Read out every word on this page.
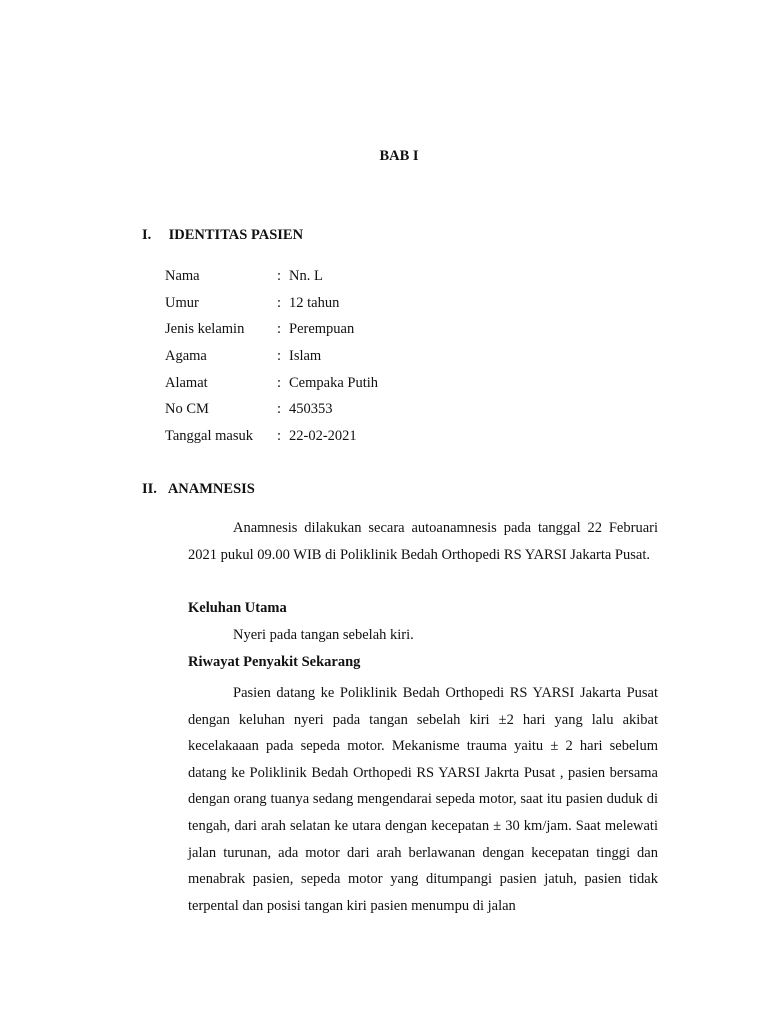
BAB I
I. IDENTITAS PASIEN
Nama	: Nn. L
Umur	: 12 tahun
Jenis kelamin	: Perempuan
Agama	: Islam
Alamat	: Cempaka Putih
No CM	: 450353
Tanggal masuk	: 22-02-2021
II. ANAMNESIS
Anamnesis dilakukan secara autoanamnesis pada tanggal 22 Februari 2021 pukul 09.00 WIB di Poliklinik Bedah Orthopedi RS YARSI Jakarta Pusat.
Keluhan Utama
Nyeri pada tangan sebelah kiri.
Riwayat Penyakit Sekarang
Pasien datang ke Poliklinik Bedah Orthopedi RS YARSI Jakarta Pusat dengan keluhan nyeri pada tangan sebelah kiri ±2 hari yang lalu akibat kecelakaaan pada sepeda motor. Mekanisme trauma yaitu ± 2 hari sebelum datang ke Poliklinik Bedah Orthopedi RS YARSI Jakrta Pusat , pasien bersama dengan orang tuanya sedang mengendarai sepeda motor, saat itu pasien duduk di tengah, dari arah selatan ke utara dengan kecepatan ± 30 km/jam. Saat melewati jalan turunan, ada motor dari arah berlawanan dengan kecepatan tinggi dan menabrak pasien, sepeda motor yang ditumpangi pasien jatuh, pasien tidak terpental dan posisi tangan kiri pasien menumpu di jalan
